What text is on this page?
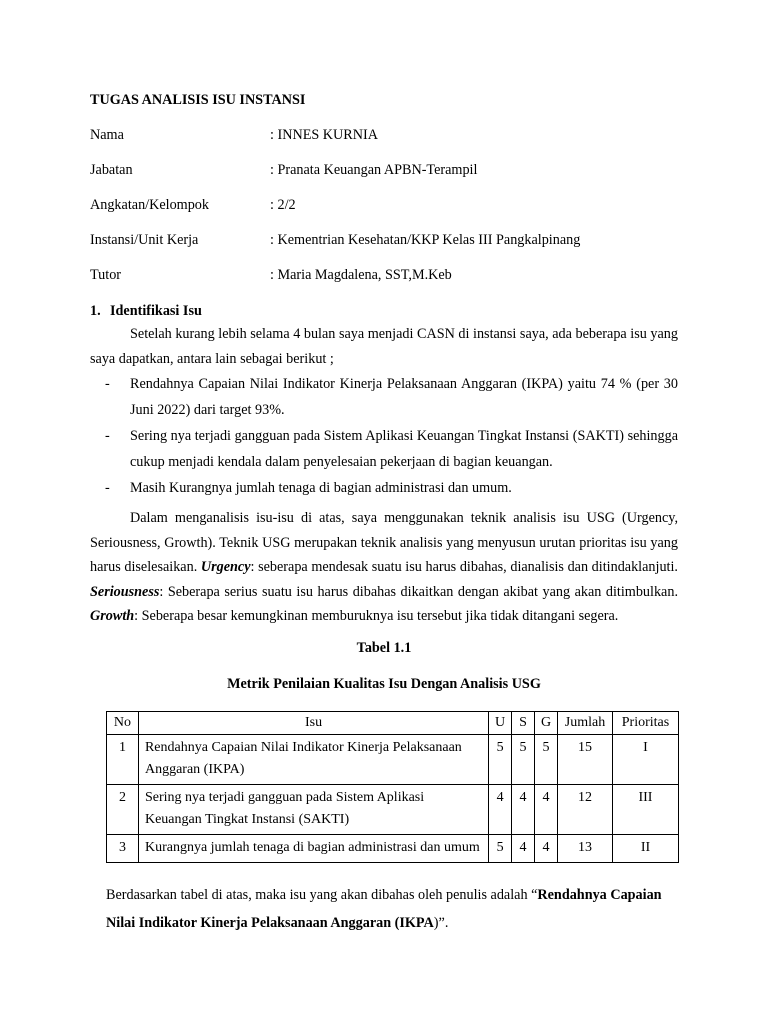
TUGAS ANALISIS ISU INSTANSI
Nama	: INNES KURNIA
Jabatan	: Pranata Keuangan APBN-Terampil
Angkatan/Kelompok	: 2/2
Instansi/Unit Kerja	: Kementrian Kesehatan/KKP Kelas III Pangkalpinang
Tutor	: Maria Magdalena, SST,M.Keb
1. Identifikasi Isu
Setelah kurang lebih selama 4 bulan saya menjadi CASN di instansi saya, ada beberapa isu yang saya dapatkan, antara lain sebagai berikut ;
- Rendahnya Capaian Nilai Indikator Kinerja Pelaksanaan Anggaran (IKPA) yaitu 74 % (per 30 Juni 2022) dari target 93%.
- Sering nya terjadi gangguan pada Sistem Aplikasi Keuangan Tingkat Instansi (SAKTI) sehingga cukup menjadi kendala dalam penyelesaian pekerjaan di bagian keuangan.
- Masih Kurangnya jumlah tenaga di bagian administrasi dan umum.
Dalam menganalisis isu-isu di atas, saya menggunakan teknik analisis isu USG (Urgency, Seriousness, Growth). Teknik USG merupakan teknik analisis yang menyusun urutan prioritas isu yang harus diselesaikan. Urgency: seberapa mendesak suatu isu harus dibahas, dianalisis dan ditindaklanjuti. Seriousness: Seberapa serius suatu isu harus dibahas dikaitkan dengan akibat yang akan ditimbulkan. Growth: Seberapa besar kemungkinan memburuknya isu tersebut jika tidak ditangani segera.
Tabel 1.1
Metrik Penilaian Kualitas Isu Dengan Analisis USG
No	Isu	U	S	G	Jumlah	Prioritas
1	Rendahnya Capaian Nilai Indikator Kinerja Pelaksanaan Anggaran (IKPA)	5	5	5	15	I
2	Sering nya terjadi gangguan pada Sistem Aplikasi Keuangan Tingkat Instansi (SAKTI)	4	4	4	12	III
3	Kurangnya jumlah tenaga di bagian administrasi dan umum	5	4	4	13	II
Berdasarkan tabel di atas, maka isu yang akan dibahas oleh penulis adalah “Rendahnya Capaian Nilai Indikator Kinerja Pelaksanaan Anggaran (IKPA)”.
